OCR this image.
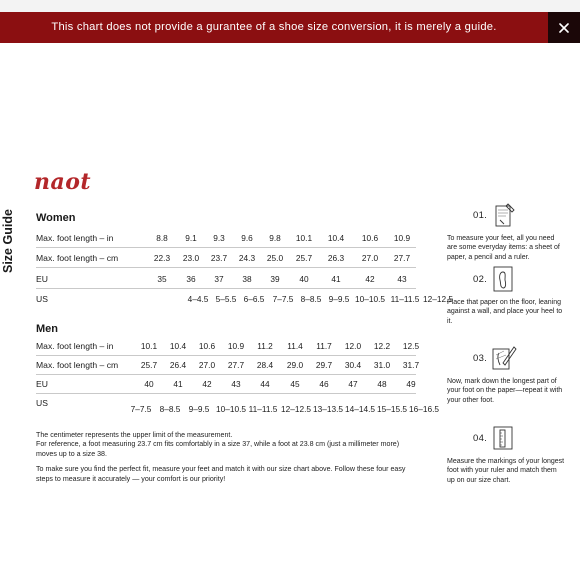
This chart does not provide a gurantee of a shoe size conversion, it is merely a guide.
Size Guide
naot
Women
Max. foot length – in	8.8	9.1	9.3	9.6	9.8	10.1	10.4	10.6	10.9
Max. foot length – cm	22.3	23.0	23.7	24.3	25.0	25.7	26.3	27.0	27.7
EU	35	36	37	38	39	40	41	42	43
US	4–4.5 5–5.5 6–6.5 7–7.5 8–8.5 9–9.5 10–10.5 11–11.5 12–12.5
Men
Max. foot length – in	10.1	10.4	10.6	10.9	11.2	11.4	11.7	12.0	12.2	12.5
Max. foot length – cm	25.7	26.4	27.0	27.7	28.4	29.0	29.7	30.4	31.0	31.7
EU	40	41	42	43	44	45	46	47	48	49
US
7–7.5 8–8.5 9–9.5 10–10.5 11–11.5 12–12.5 13–13.5 14–14.5 15–15.5 16–16.5

The centimeter represents the upper limit of the measurement.

For reference, a foot measuring 23.7 cm fits comfortably in a size 37, while a foot at 23.8 cm (just a millimeter more) moves up to a size 38.

To make sure you find the perfect fit, measure your feet and match it with our size chart above. Follow these four easy steps to measure it accurately — your comfort is our priority!

01.
To measure your feet, all you need are some everyday items: a sheet of paper, a pencil and a ruler.
02.
Place that paper on the floor, leaning against a wall, and place your heel to it.
03.
Now, mark down the longest part of your foot on the paper—repeat it with your other foot.
04.
Measure the markings of your longest foot with your ruler and match them up on our size chart.
